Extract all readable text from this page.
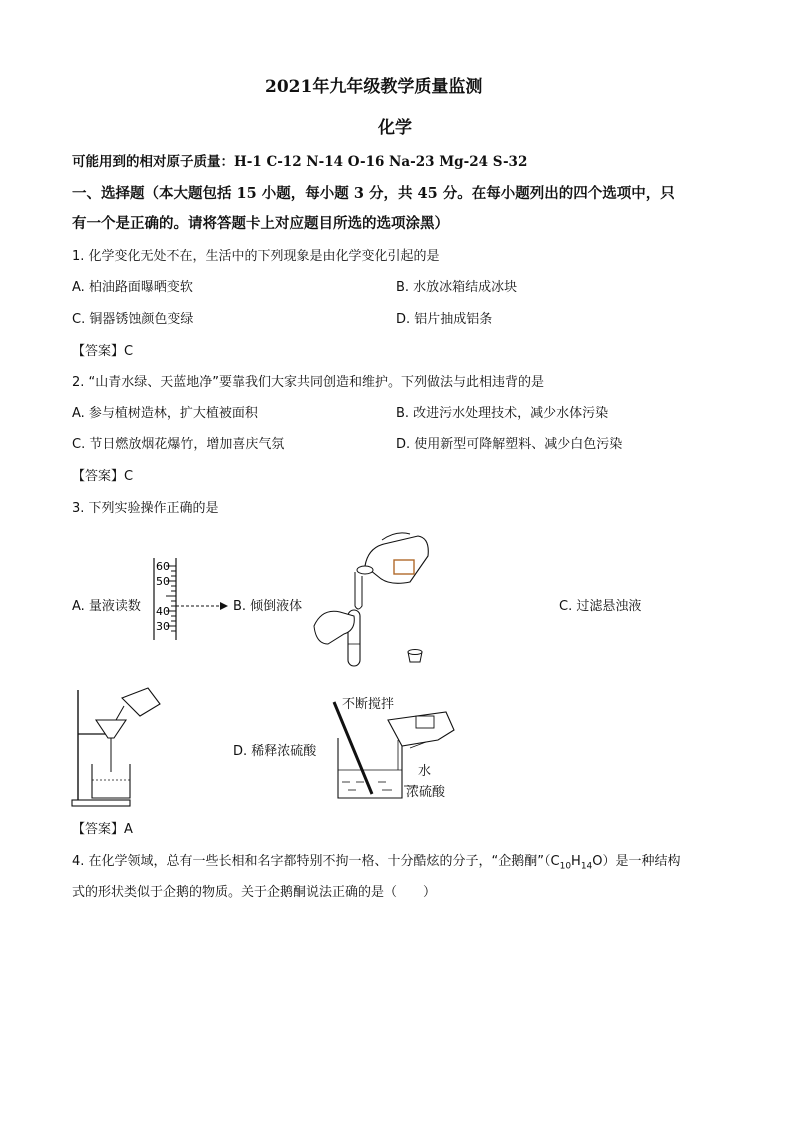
2021年九年级教学质量监测
化学
可能用到的相对原子质量：H-1 C-12 N-14 O-16 Na-23 Mg-24 S-32
一、选择题（本大题包括 15 小题，每小题 3 分，共 45 分。在每小题列出的四个选项中，只
有一个是正确的。请将答题卡上对应题目所选的选项涂黑）
1. 化学变化无处不在，生活中的下列现象是由化学变化引起的是
A. 柏油路面曝晒变软	B. 水放冰箱结成冰块
C. 铜器锈蚀颜色变绿	D. 铝片抽成铝条
【答案】C
2. “山青水绿、天蓝地净”要靠我们大家共同创造和维护。下列做法与此相违背的是
A. 参与植树造林，扩大植被面积	B. 改进污水处理技术，减少水体污染
C. 节日燃放烟花爆竹，增加喜庆气氛	D. 使用新型可降解塑料、减少白色污染
【答案】C
3. 下列实验操作正确的是
A. 量液读数
60
50
40
30
B. 倾倒液体	C. 过滤悬浊液
D. 稀释浓硫酸
不断搅拌
水
浓硫酸
【答案】A
4. 在化学领域，总有一些长相和名字都特别不拘一格、十分酷炫的分子，“企鹅酮$”(C_{10}H_{14}O)$是一种结构
式的形状类似于企鹅的物质。关于企鹅酮说法正确的是（　　）
